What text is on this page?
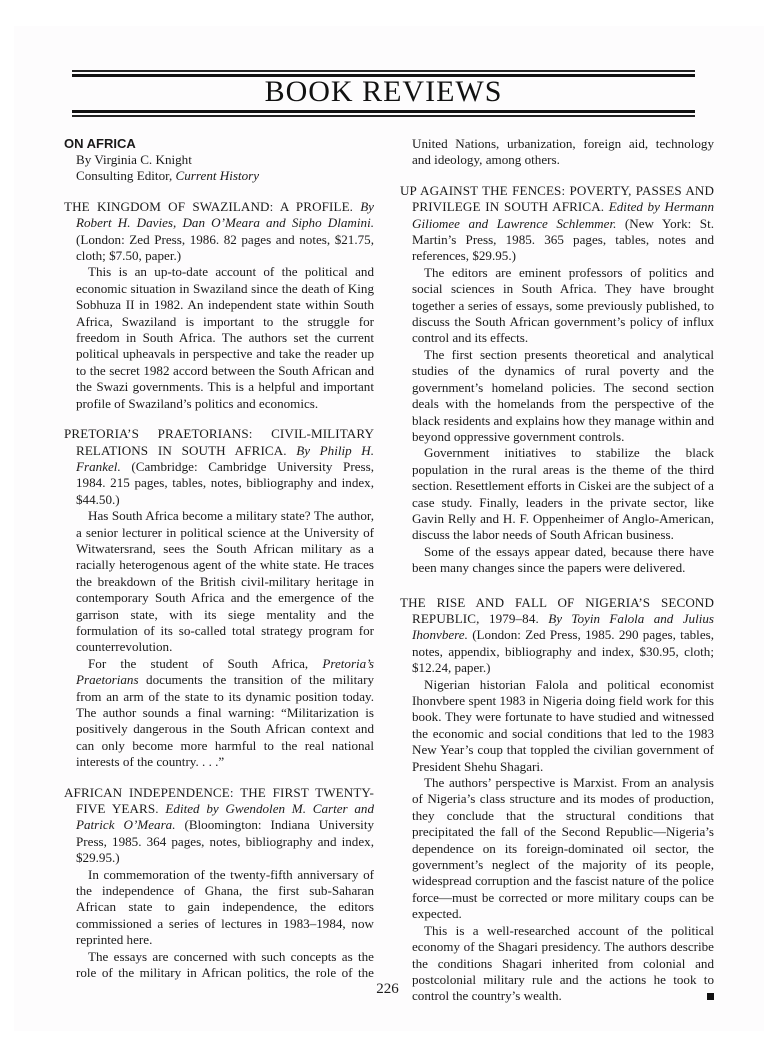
BOOK REVIEWS
ON AFRICA

By Virginia C. Knight

Consulting Editor, Current History

THE KINGDOM OF SWAZILAND: A PROFILE. By Robert H. Davies, Dan O’Meara and Sipho Dlamini. (London: Zed Press, 1986. 82 pages and notes, $21.75, cloth; $7.50, paper.)

This is an up-to-date account of the political and economic situation in Swaziland since the death of King Sobhuza II in 1982. An independent state within South Africa, Swaziland is important to the struggle for freedom in South Africa. The authors set the current political upheavals in perspective and take the reader up to the secret 1982 accord between the South African and the Swazi governments. This is a helpful and important profile of Swaziland’s politics and economics.

PRETORIA’S PRAETORIANS: CIVIL-MILITARY RELATIONS IN SOUTH AFRICA. By Philip H. Frankel. (Cambridge: Cambridge University Press, 1984. 215 pages, tables, notes, bibliography and index, $44.50.)

Has South Africa become a military state? The author, a senior lecturer in political science at the University of Witwatersrand, sees the South African military as a racially heterogenous agent of the white state. He traces the breakdown of the British civil-military heritage in contemporary South Africa and the emergence of the garrison state, with its siege mentality and the formulation of its so-called total strategy program for counterrevolution.

For the student of South Africa, Pretoria’s Praetorians documents the transition of the military from an arm of the state to its dynamic position today. The author sounds a final warning: “Militarization is positively dangerous in the South African context and can only become more harmful to the real national interests of the country. . . .”

AFRICAN INDEPENDENCE: THE FIRST TWENTY-FIVE YEARS. Edited by Gwendolen M. Carter and Patrick O’Meara. (Bloomington: Indiana University Press, 1985. 364 pages, notes, bibliography and index, $29.95.)

In commemoration of the twenty-fifth anniversary of the independence of Ghana, the first sub-Saharan African state to gain independence, the editors commissioned a series of lectures in 1983–1984, now reprinted here.

The essays are concerned with such concepts as the role of the military in African politics, the role of the

United Nations, urbanization, foreign aid, technology and ideology, among others.

UP AGAINST THE FENCES: POVERTY, PASSES AND PRIVILEGE IN SOUTH AFRICA. Edited by Hermann Giliomee and Lawrence Schlemmer. (New York: St. Martin’s Press, 1985. 365 pages, tables, notes and references, $29.95.)

The editors are eminent professors of politics and social sciences in South Africa. They have brought together a series of essays, some previously published, to discuss the South African government’s policy of influx control and its effects.

The first section presents theoretical and analytical studies of the dynamics of rural poverty and the government’s homeland policies. The second section deals with the homelands from the perspective of the black residents and explains how they manage within and beyond oppressive government controls.

Government initiatives to stabilize the black population in the rural areas is the theme of the third section. Resettlement efforts in Ciskei are the subject of a case study. Finally, leaders in the private sector, like Gavin Relly and H. F. Oppenheimer of Anglo-American, discuss the labor needs of South African business.

Some of the essays appear dated, because there have been many changes since the papers were delivered.

THE RISE AND FALL OF NIGERIA’S SECOND REPUBLIC, 1979–84. By Toyin Falola and Julius Ihonvbere. (London: Zed Press, 1985. 290 pages, tables, notes, appendix, bibliography and index, $30.95, cloth; $12.24, paper.)

Nigerian historian Falola and political economist Ihonvbere spent 1983 in Nigeria doing field work for this book. They were fortunate to have studied and witnessed the economic and social conditions that led to the 1983 New Year’s coup that toppled the civilian government of President Shehu Shagari.

The authors’ perspective is Marxist. From an analysis of Nigeria’s class structure and its modes of production, they conclude that the structural conditions that precipitated the fall of the Second Republic—Nigeria’s dependence on its foreign-dominated oil sector, the government’s neglect of the majority of its people, widespread corruption and the fascist nature of the police force—must be corrected or more military coups can be expected.

This is a well-researched account of the political economy of the Shagari presidency. The authors describe the conditions Shagari inherited from colonial and postcolonial military rule and the actions he took to control the country’s wealth.

226
